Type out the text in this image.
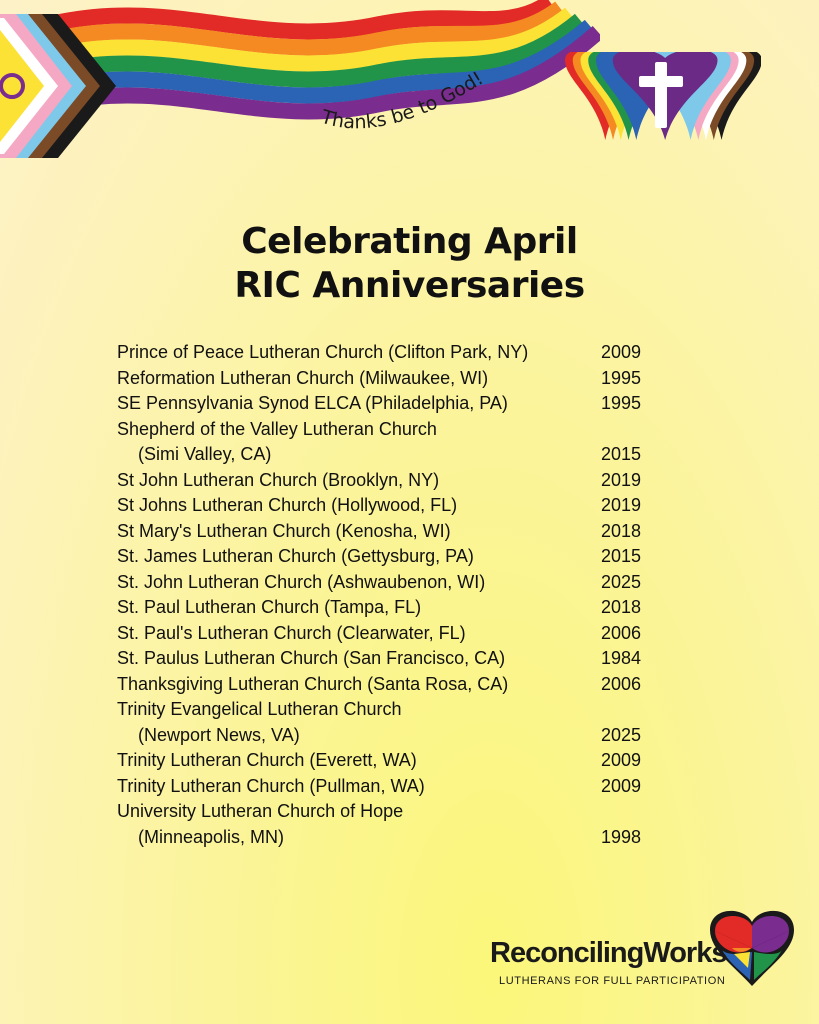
Thanks be to God!
Celebrating April
RIC Anniversaries
Prince of Peace Lutheran Church (Clifton Park, NY)	2009
Reformation Lutheran Church (Milwaukee, WI)	1995
SE Pennsylvania Synod ELCA (Philadelphia, PA)	1995
Shepherd of the Valley Lutheran Church
(Simi Valley, CA)	2015
St John Lutheran Church (Brooklyn, NY)	2019
St Johns Lutheran Church (Hollywood, FL)	2019
St Mary's Lutheran Church (Kenosha, WI)	2018
St. James Lutheran Church (Gettysburg, PA)	2015
St. John Lutheran Church (Ashwaubenon, WI)	2025
St. Paul Lutheran Church (Tampa, FL)	2018
St. Paul's Lutheran Church (Clearwater, FL)	2006
St. Paulus Lutheran Church (San Francisco, CA)	1984
Thanksgiving Lutheran Church (Santa Rosa, CA)	2006
Trinity Evangelical Lutheran Church
(Newport News, VA)	2025
Trinity Lutheran Church (Everett, WA)	2009
Trinity Lutheran Church (Pullman, WA)	2009
University Lutheran Church of Hope
(Minneapolis, MN)	1998
ReconcilingWorks
LUTHERANS FOR FULL PARTICIPATION
